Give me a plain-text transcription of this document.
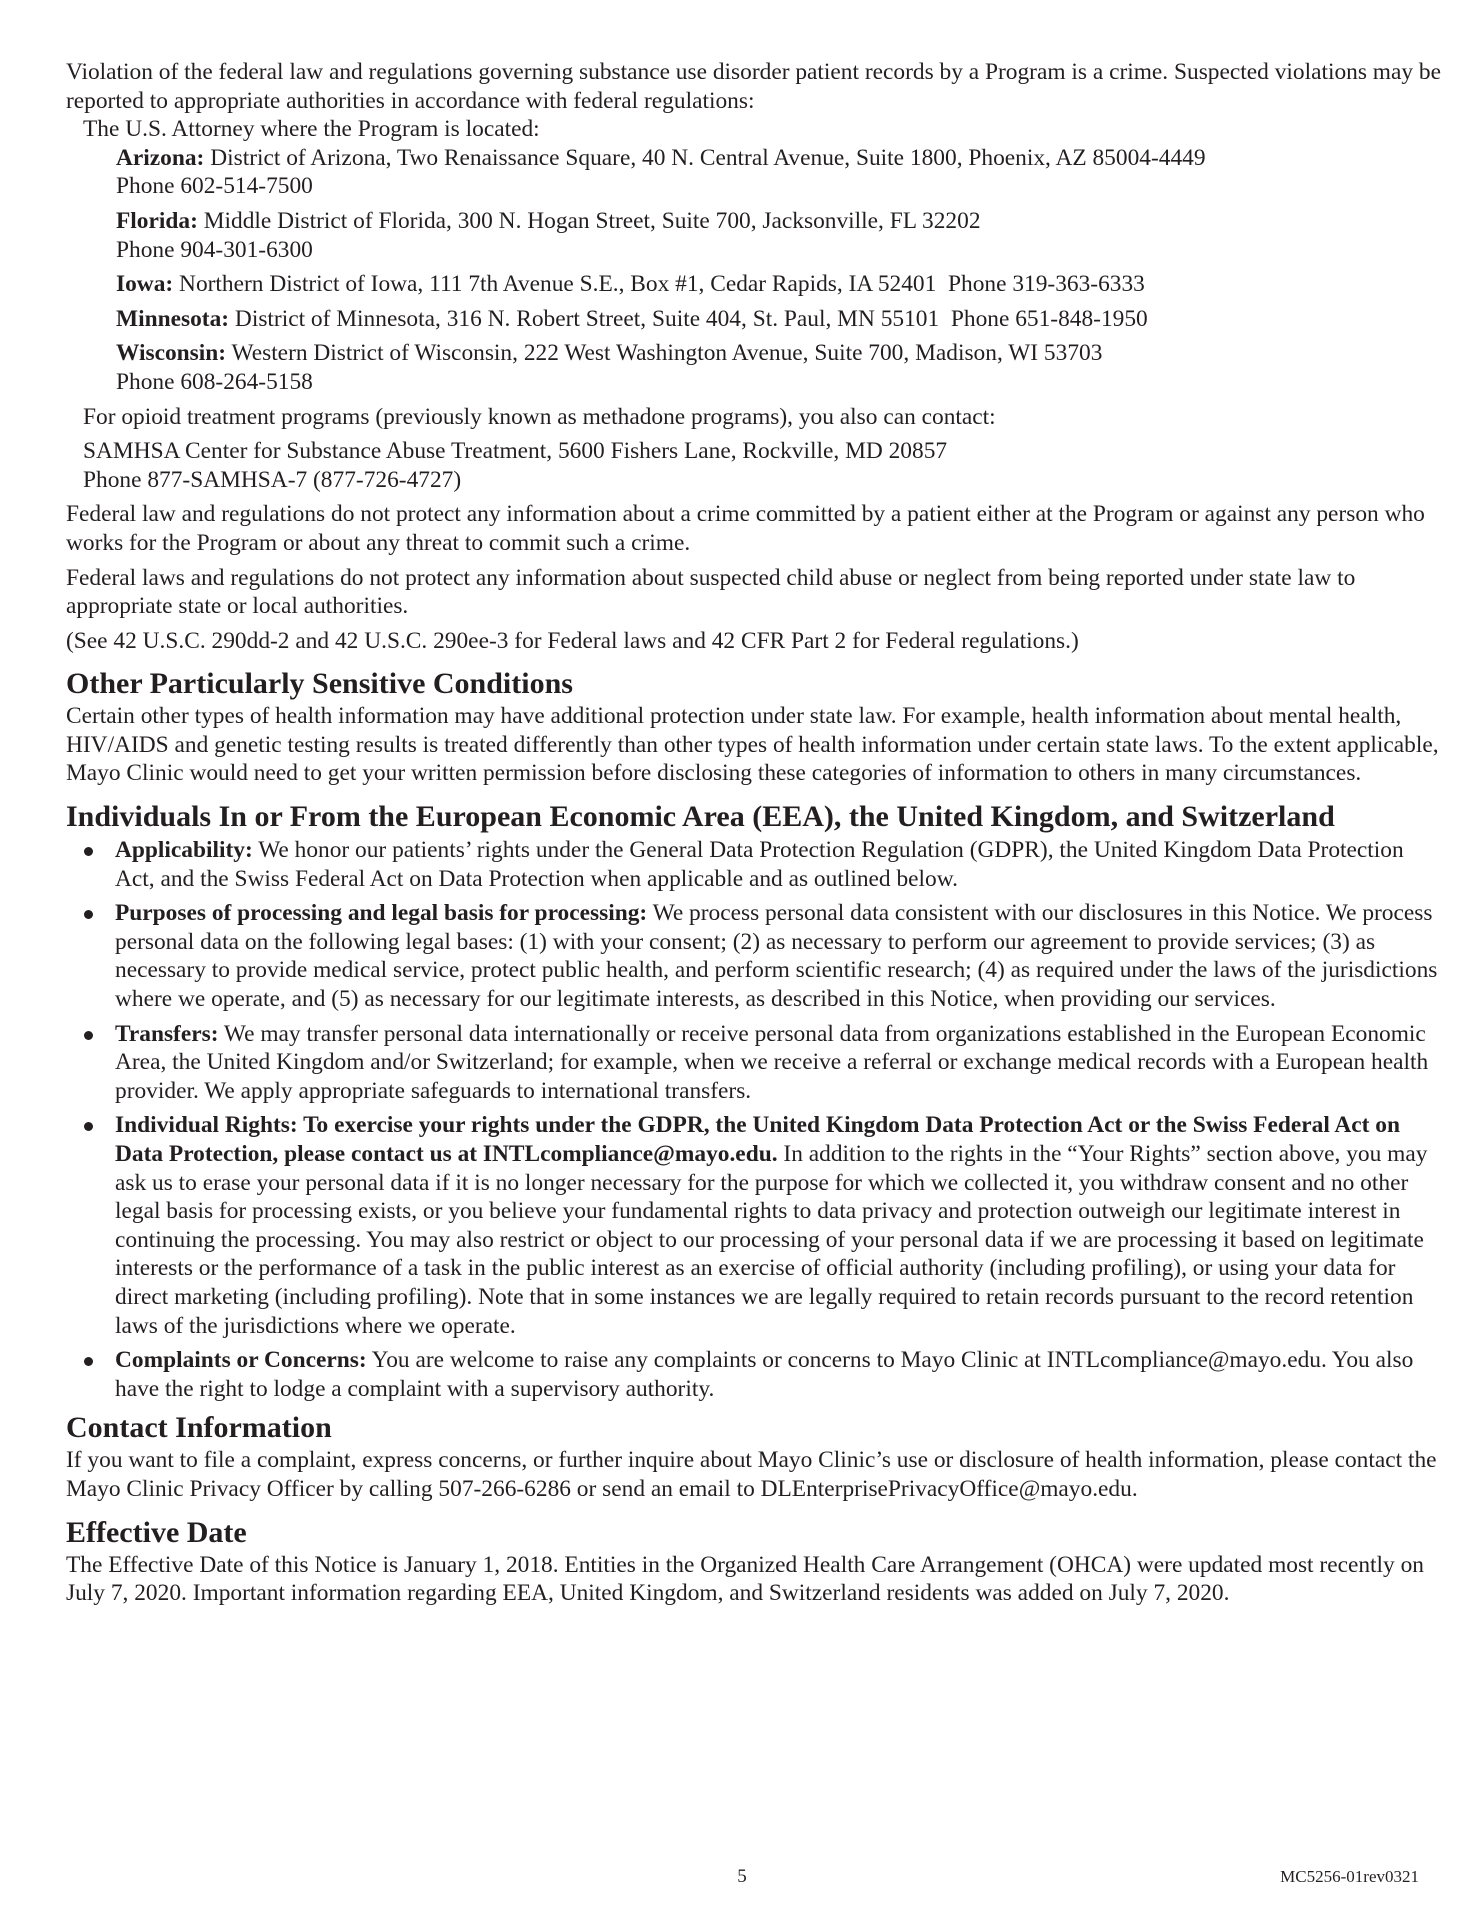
Violation of the federal law and regulations governing substance use disorder patient records by a Program is a crime. Suspected violations may be reported to appropriate authorities in accordance with federal regulations:

The U.S. Attorney where the Program is located:

Arizona: District of Arizona, Two Renaissance Square, 40 N. Central Avenue, Suite 1800, Phoenix, AZ 85004-4449
Phone 602-514-7500
Florida: Middle District of Florida, 300 N. Hogan Street, Suite 700, Jacksonville, FL 32202
Phone 904-301-6300
Iowa: Northern District of Iowa, 111 7th Avenue S.E., Box #1, Cedar Rapids, IA 52401  Phone 319-363-6333
Minnesota: District of Minnesota, 316 N. Robert Street, Suite 404, St. Paul, MN 55101  Phone 651-848-1950
Wisconsin: Western District of Wisconsin, 222 West Washington Avenue, Suite 700, Madison, WI 53703
Phone 608-264-5158

For opioid treatment programs (previously known as methadone programs), you also can contact:

SAMHSA Center for Substance Abuse Treatment, 5600 Fishers Lane, Rockville, MD 20857

Phone 877-SAMHSA-7 (877-726-4727)

Federal law and regulations do not protect any information about a crime committed by a patient either at the Program or against any person who works for the Program or about any threat to commit such a crime.

Federal laws and regulations do not protect any information about suspected child abuse or neglect from being reported under state law to appropriate state or local authorities.

(See 42 U.S.C. 290dd-2 and 42 U.S.C. 290ee-3 for Federal laws and 42 CFR Part 2 for Federal regulations.)

Other Particularly Sensitive Conditions

Certain other types of health information may have additional protection under state law. For example, health information about mental health, HIV/AIDS and genetic testing results is treated differently than other types of health information under certain state laws. To the extent applicable, Mayo Clinic would need to get your written permission before disclosing these categories of information to others in many circumstances.

Individuals In or From the European Economic Area (EEA), the United Kingdom, and Switzerland
Applicability: We honor our patients’ rights under the General Data Protection Regulation (GDPR), the United Kingdom Data Protection Act, and the Swiss Federal Act on Data Protection when applicable and as outlined below.
Purposes of processing and legal basis for processing: We process personal data consistent with our disclosures in this Notice. We process personal data on the following legal bases: (1) with your consent; (2) as necessary to perform our agreement to provide services; (3) as necessary to provide medical service, protect public health, and perform scientific research; (4) as required under the laws of the jurisdictions where we operate, and (5) as necessary for our legitimate interests, as described in this Notice, when providing our services.
Transfers: We may transfer personal data internationally or receive personal data from organizations established in the European Economic Area, the United Kingdom and/or Switzerland; for example, when we receive a referral or exchange medical records with a European health provider. We apply appropriate safeguards to international transfers.
Individual Rights: To exercise your rights under the GDPR, the United Kingdom Data Protection Act or the Swiss Federal Act on Data Protection, please contact us at INTLcompliance@mayo.edu. In addition to the rights in the “Your Rights” section above, you may ask us to erase your personal data if it is no longer necessary for the purpose for which we collected it, you withdraw consent and no other legal basis for processing exists, or you believe your fundamental rights to data privacy and protection outweigh our legitimate interest in continuing the processing. You may also restrict or object to our processing of your personal data if we are processing it based on legitimate interests or the performance of a task in the public interest as an exercise of official authority (including profiling), or using your data for direct marketing (including profiling). Note that in some instances we are legally required to retain records pursuant to the record retention laws of the jurisdictions where we operate.
Complaints or Concerns: You are welcome to raise any complaints or concerns to Mayo Clinic at INTLcompliance@mayo.edu. You also have the right to lodge a complaint with a supervisory authority.
Contact Information

If you want to file a complaint, express concerns, or further inquire about Mayo Clinic’s use or disclosure of health information, please contact the Mayo Clinic Privacy Officer by calling 507-266-6286 or send an email to DLEnterprisePrivacyOffice@mayo.edu.

Effective Date

The Effective Date of this Notice is January 1, 2018. Entities in the Organized Health Care Arrangement (OHCA) were updated most recently on July 7, 2020. Important information regarding EEA, United Kingdom, and Switzerland residents was added on July 7, 2020.

5	MC5256-01rev0321
